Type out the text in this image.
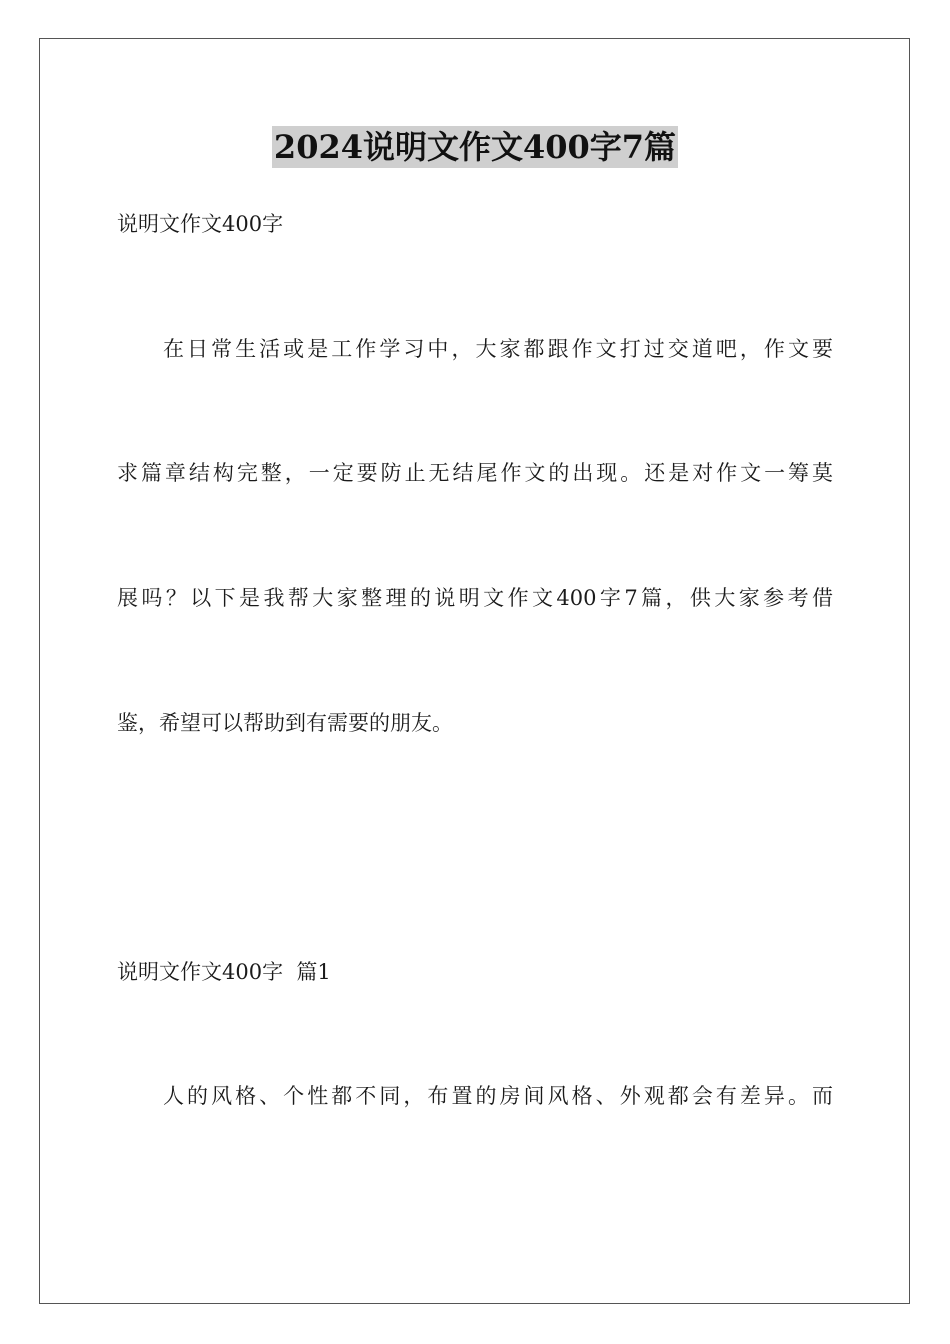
2024说明文作文400字7篇
说明文作文400字
在日常生活或是工作学习中，大家都跟作文打过交道吧，作文要
求篇章结构完整，一定要防止无结尾作文的出现。还是对作文一筹莫
展吗？以下是我帮大家整理的说明文作文400字7篇，供大家参考借
鉴，希望可以帮助到有需要的朋友。
说明文作文400字  篇1
人的风格、个性都不同，布置的房间风格、外观都会有差异。而
